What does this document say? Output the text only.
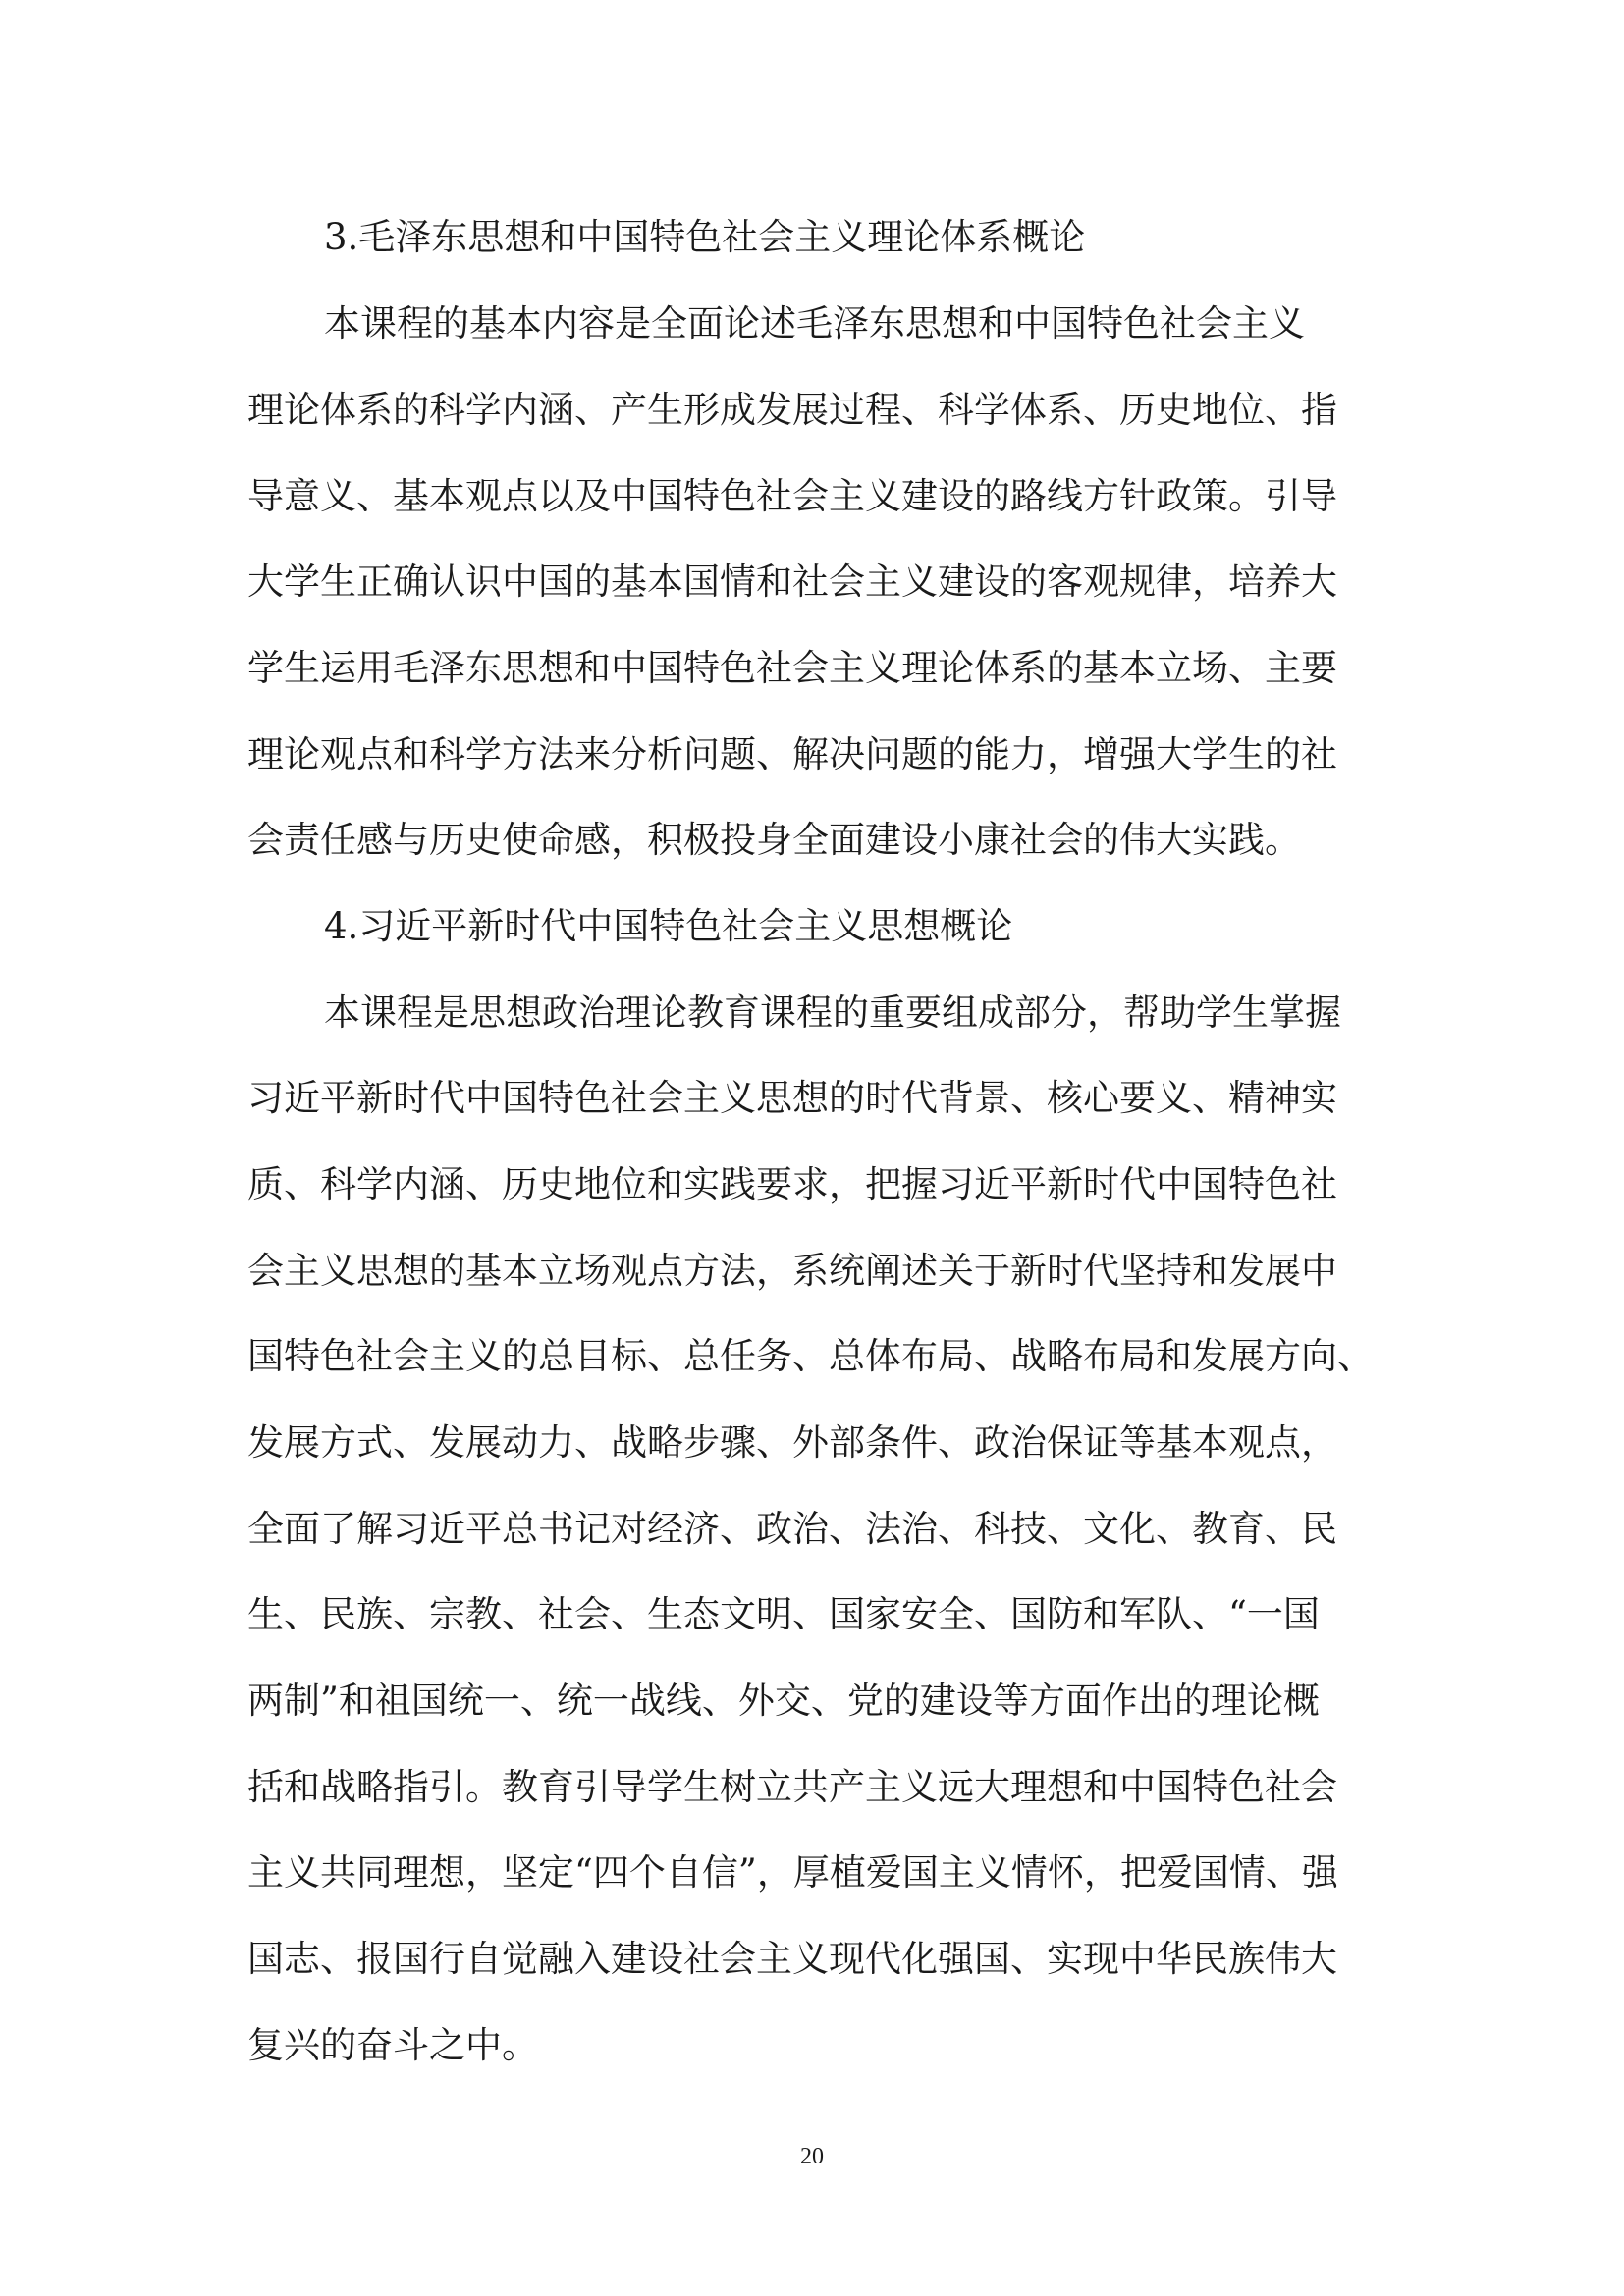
3.毛泽东思想和中国特色社会主义理论体系概论
本课程的基本内容是全面论述毛泽东思想和中国特色社会主义
理论体系的科学内涵、产生形成发展过程、科学体系、历史地位、指
导意义、基本观点以及中国特色社会主义建设的路线方针政策。引导
大学生正确认识中国的基本国情和社会主义建设的客观规律，培养大
学生运用毛泽东思想和中国特色社会主义理论体系的基本立场、主要
理论观点和科学方法来分析问题、解决问题的能力，增强大学生的社
会责任感与历史使命感，积极投身全面建设小康社会的伟大实践。
4.习近平新时代中国特色社会主义思想概论
本课程是思想政治理论教育课程的重要组成部分，帮助学生掌握
习近平新时代中国特色社会主义思想的时代背景、核心要义、精神实
质、科学内涵、历史地位和实践要求，把握习近平新时代中国特色社
会主义思想的基本立场观点方法，系统阐述关于新时代坚持和发展中
国特色社会主义的总目标、总任务、总体布局、战略布局和发展方向、
发展方式、发展动力、战略步骤、外部条件、政治保证等基本观点，
全面了解习近平总书记对经济、政治、法治、科技、文化、教育、民
生、民族、宗教、社会、生态文明、国家安全、国防和军队、“一国
两制”和祖国统一、统一战线、外交、党的建设等方面作出的理论概
括和战略指引。教育引导学生树立共产主义远大理想和中国特色社会
主义共同理想，坚定“四个自信”，厚植爱国主义情怀，把爱国情、强
国志、报国行自觉融入建设社会主义现代化强国、实现中华民族伟大
复兴的奋斗之中。
20
